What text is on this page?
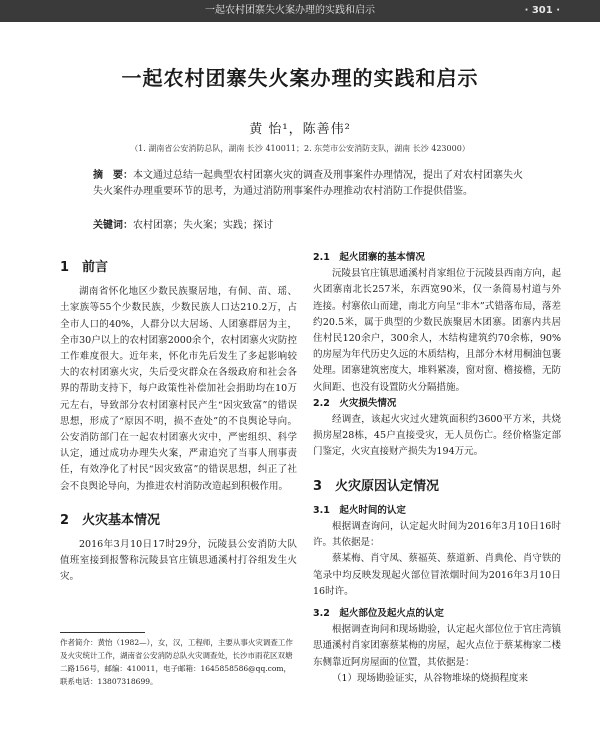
一起农村团寨失火案办理的实践和启示	· 301 ·
一起农村团寨失火案办理的实践和启示
黄 怡¹，陈善伟²
（1. 湖南省公安消防总队，湖南 长沙 410011；2. 东莞市公安消防支队，湖南 长沙 423000）
摘　要：本文通过总结一起典型农村团寨火灾的调查及刑事案件办理情况，提出了对农村团寨失火失火案件办理重要环节的思考，为通过消防刑事案件办理推动农村消防工作提供借鉴。
关键词：农村团寨；失火案；实践；探讨
1　前言

湖南省怀化地区少数民族聚居地，有侗、苗、瑶、土家族等55个少数民族，少数民族人口达210.2万，占全市人口的40%，人群分以大居场、人团寨群居为主，全市30户以上的农村团寨2000余个，农村团寨火灾防控工作难度很大。近年来，怀化市先后发生了多起影响较大的农村团寨火灾，失后受灾群众在各级政府和社会各界的帮助支持下，每户政策性补偿加社会捐助均在10万元左右，导致部分农村团寨村民产生“因灾致富”的错误思想，形成了“原因不明，损不查处”的不良舆论导向。公安消防部门在一起农村团寨火灾中，严密组织、科学认定，通过成功办理失火案，严肃追究了当事人刑事责任，有效净化了村民“因灾致富”的错误思想，纠正了社会不良舆论导向，为推进农村消防改造起到积极作用。

2　火灾基本情况

2016年3月10日17时29分，沅陵县公安消防大队值班室接到报警称沅陵县官庄镇思通溪村打谷组发生火灾。

2.1　起火团寨的基本情况

沅陵县官庄镇思通溪村肖家组位于沅陵县西南方向，起火团寨南北长257米，东西宽90米，仅一条简易村道与外连接。村寨依山而建，南北方向呈“非木”式错落布局，落差约20.5米，属于典型的少数民族聚居木团寨。团寨内共居住村民120余户，300余人，木结构建筑约70余栋，90%的房屋为年代历史久远的木质结构，且部分木材用桐油包裹处理。团寨建筑密度大，堆料紧凑，窗对窗、檐接檐，无防火间距、也没有设置防火分隔措施。

2.2　火灾损失情况

经调查，该起火灾过火建筑面积约3600平方米，共烧损房屋28栋，45户直接受灾，无人员伤亡。经价格鉴定部门鉴定，火灾直接财产损失为194万元。

3　火灾原因认定情况
3.1　起火时间的认定

根据调查询问，认定起火时间为2016年3月10日16时许。其依据是：

蔡某梅、肖守凤、蔡福英、蔡道新、肖典伦、肖守铁的笔录中均反映发现起火部位冒浓烟时间为2016年3月10日16时许。

3.2　起火部位及起火点的认定

根据调查询问和现场勘验，认定起火部位位于官庄湾镇思通溪村肖家团寨蔡某梅的房屋，起火点位于蔡某梅家二楼东侧靠近阿房屋面的位置，其依据是：

（1）现场勘验证实，从谷物堆垛的烧损程度来

作者简介：黄怡（1982—），女，汉，工程师，主要从事火灾调查工作及火灾统计工作，湖南省公安消防总队火灾调查处，长沙市雨花区双塘二路156号，邮编：410011，电子邮箱：1645858586@qq.com，联系电话：13807318699。
